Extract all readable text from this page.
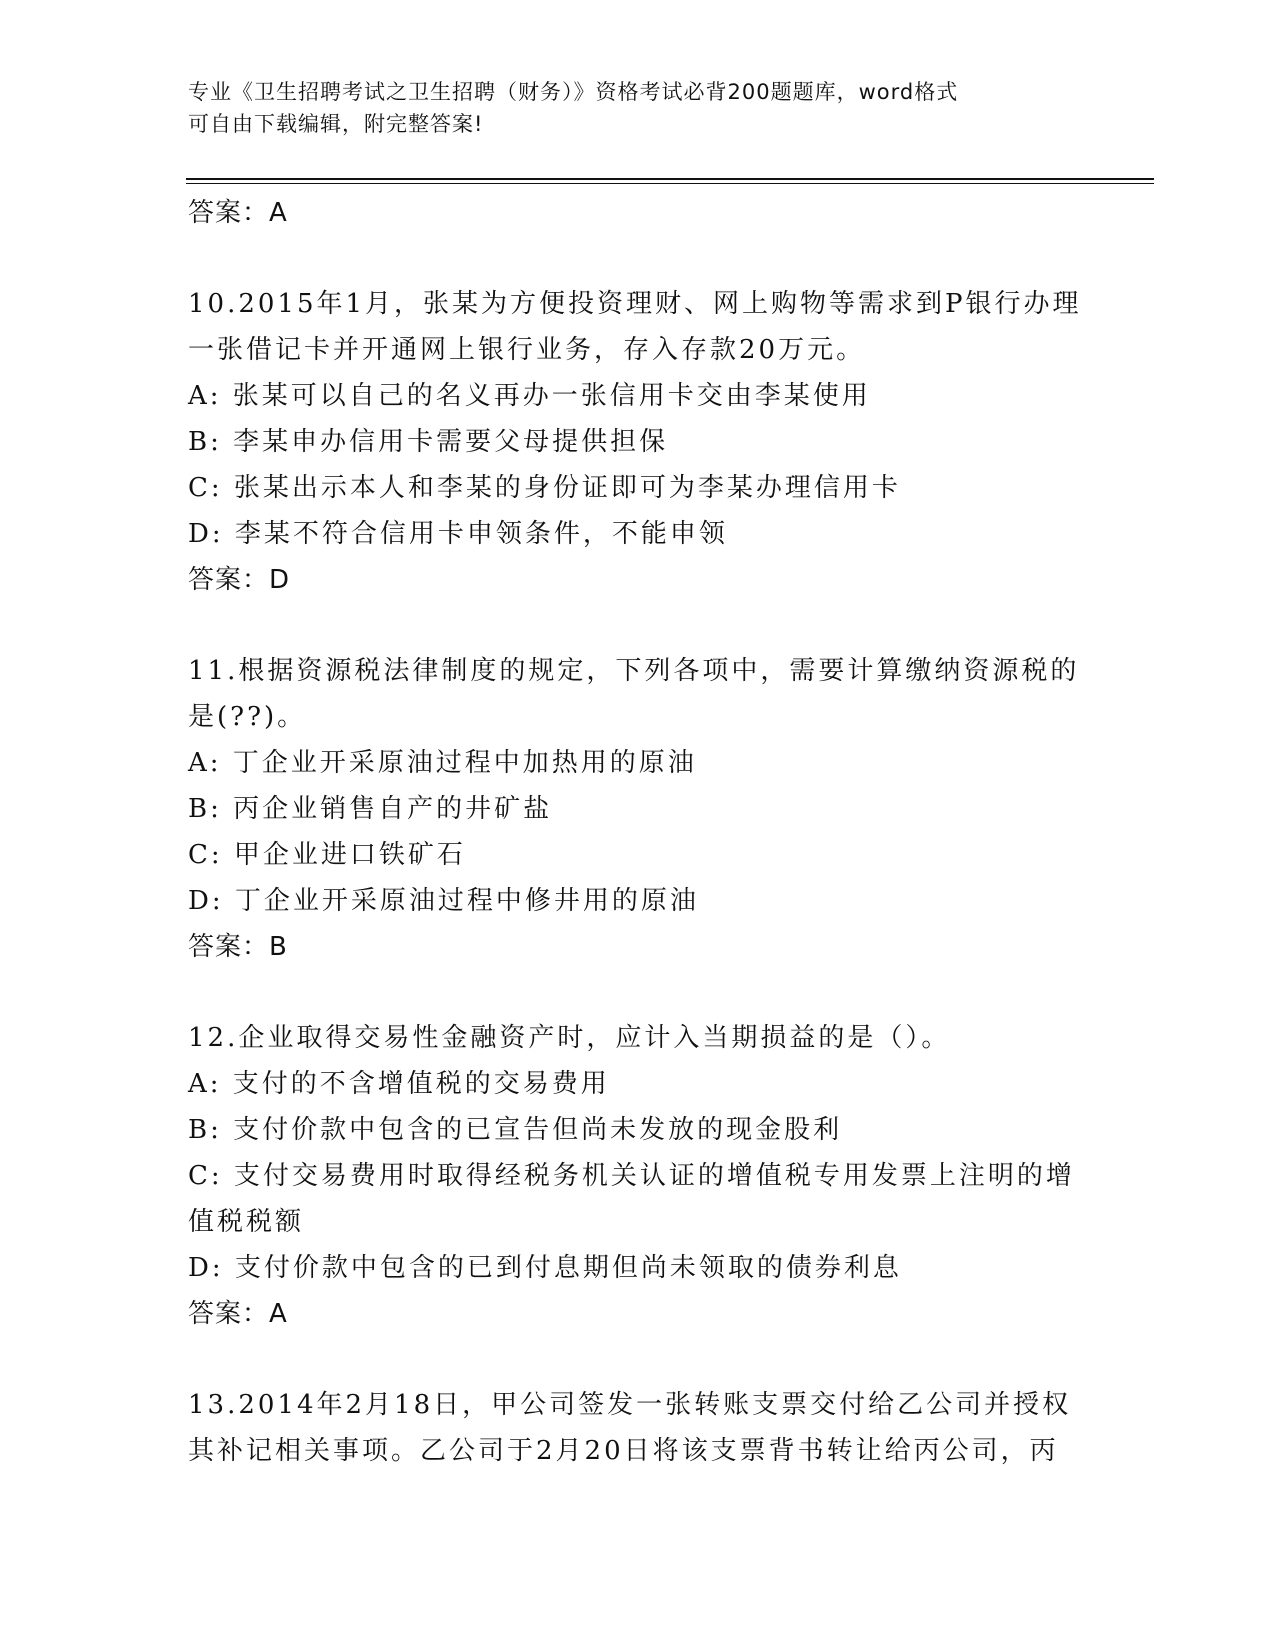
专业《卫生招聘考试之卫生招聘（财务）》资格考试必背200题题库，word格式
可自由下载编辑，附完整答案!
答案：A
10.2015年1月，张某为方便投资理财、网上购物等需求到P银行办理
一张借记卡并开通网上银行业务，存入存款20万元。
A: 张某可以自己的名义再办一张信用卡交由李某使用
B: 李某申办信用卡需要父母提供担保
C: 张某出示本人和李某的身份证即可为李某办理信用卡
D: 李某不符合信用卡申领条件，不能申领
答案：D
11.根据资源税法律制度的规定，下列各项中，需要计算缴纳资源税的
是(??)。
A: 丁企业开采原油过程中加热用的原油
B: 丙企业销售自产的井矿盐
C: 甲企业进口铁矿石
D: 丁企业开采原油过程中修井用的原油
答案：B
12.企业取得交易性金融资产时，应计入当期损益的是（）。
A: 支付的不含增值税的交易费用
B: 支付价款中包含的已宣告但尚未发放的现金股利
C: 支付交易费用时取得经税务机关认证的增值税专用发票上注明的增
值税税额
D: 支付价款中包含的已到付息期但尚未领取的债券利息
答案：A
13.2014年2月18日，甲公司签发一张转账支票交付给乙公司并授权
其补记相关事项。乙公司于2月20日将该支票背书转让给丙公司，丙
